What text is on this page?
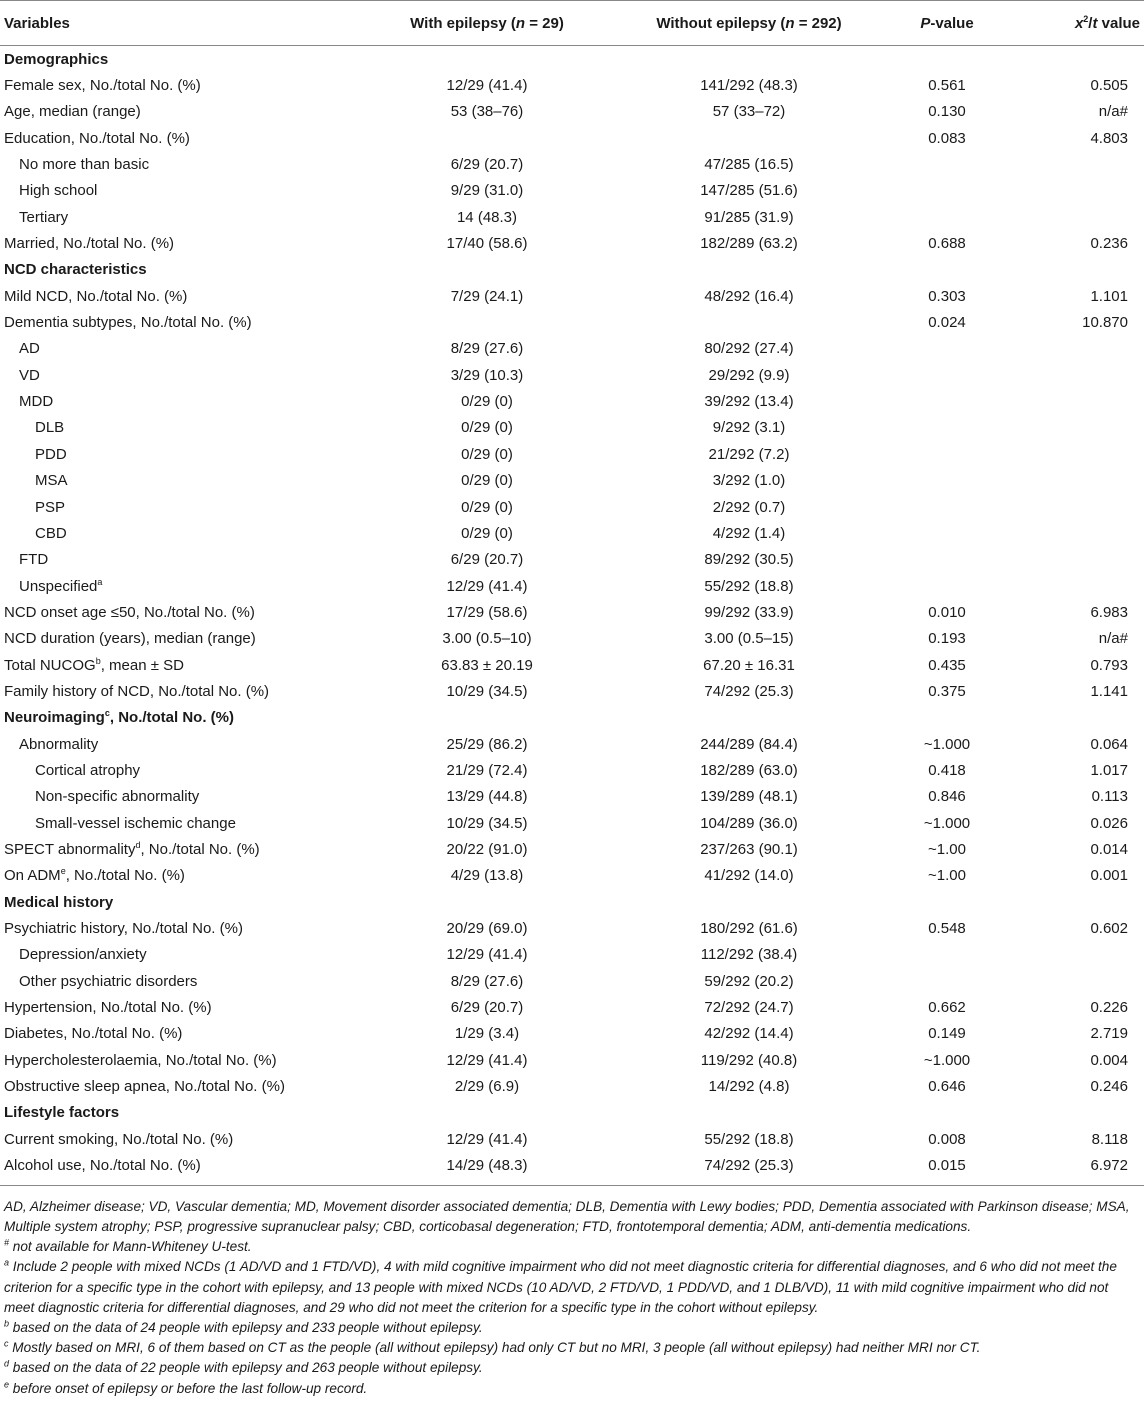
Variables	With epilepsy (n = 29)	Without epilepsy (n = 292)	P-value	$x^2/t$ value
Demographics				
Female sex, No./total No. (%)	12/29 (41.4)	141/292 (48.3)	0.561	0.505
Age, median (range)	53 (38–76)	57 (33–72)	0.130	n/a#
Education, No./total No. (%)			0.083	4.803
No more than basic	6/29 (20.7)	47/285 (16.5)		
High school	9/29 (31.0)	147/285 (51.6)		
Tertiary	14 (48.3)	91/285 (31.9)		
Married, No./total No. (%)	17/40 (58.6)	182/289 (63.2)	0.688	0.236
NCD characteristics				
Mild NCD, No./total No. (%)	7/29 (24.1)	48/292 (16.4)	0.303	1.101
Dementia subtypes, No./total No. (%)			0.024	10.870
AD	8/29 (27.6)	80/292 (27.4)		
VD	3/29 (10.3)	29/292 (9.9)		
MDD	0/29 (0)	39/292 (13.4)		
DLB	0/29 (0)	9/292 (3.1)		
PDD	0/29 (0)	21/292 (7.2)		
MSA	0/29 (0)	3/292 (1.0)		
PSP	0/29 (0)	2/292 (0.7)		
CBD	0/29 (0)	4/292 (1.4)		
FTD	6/29 (20.7)	89/292 (30.5)		
Unspecified$^a$	12/29 (41.4)	55/292 (18.8)		
NCD onset age ≤50, No./total No. (%)	17/29 (58.6)	99/292 (33.9)	0.010	6.983
NCD duration (years), median (range)	3.00 (0.5–10)	3.00 (0.5–15)	0.193	n/a#
Total NUCOG$^b$, mean ± SD	63.83 ± 20.19	67.20 ± 16.31	0.435	0.793
Family history of NCD, No./total No. (%)	10/29 (34.5)	74/292 (25.3)	0.375	1.141
Neuroimaging$^c$, No./total No. (%)				
Abnormality	25/29 (86.2)	244/289 (84.4)	~1.000	0.064
Cortical atrophy	21/29 (72.4)	182/289 (63.0)	0.418	1.017
Non-specific abnormality	13/29 (44.8)	139/289 (48.1)	0.846	0.113
Small-vessel ischemic change	10/29 (34.5)	104/289 (36.0)	~1.000	0.026
SPECT abnormality$^d$, No./total No. (%)	20/22 (91.0)	237/263 (90.1)	~1.00	0.014
On ADM$^e$, No./total No. (%)	4/29 (13.8)	41/292 (14.0)	~1.00	0.001
Medical history				
Psychiatric history, No./total No. (%)	20/29 (69.0)	180/292 (61.6)	0.548	0.602
Depression/anxiety	12/29 (41.4)	112/292 (38.4)		
Other psychiatric disorders	8/29 (27.6)	59/292 (20.2)		
Hypertension, No./total No. (%)	6/29 (20.7)	72/292 (24.7)	0.662	0.226
Diabetes, No./total No. (%)	1/29 (3.4)	42/292 (14.4)	0.149	2.719
Hypercholesterolaemia, No./total No. (%)	12/29 (41.4)	119/292 (40.8)	~1.000	0.004
Obstructive sleep apnea, No./total No. (%)	2/29 (6.9)	14/292 (4.8)	0.646	0.246
Lifestyle factors				
Current smoking, No./total No. (%)	12/29 (41.4)	55/292 (18.8)	0.008	8.118
Alcohol use, No./total No. (%)	14/29 (48.3)	74/292 (25.3)	0.015	6.972

AD, Alzheimer disease; VD, Vascular dementia; MD, Movement disorder associated dementia; DLB, Dementia with Lewy bodies; PDD, Dementia associated with Parkinson disease; MSA, Multiple system atrophy; PSP, progressive supranuclear palsy; CBD, corticobasal degeneration; FTD, frontotemporal dementia; ADM, anti-dementia medications.

# not available for Mann-Whiteney U-test.

$^a$ Include 2 people with mixed NCDs (1 AD/VD and 1 FTD/VD), 4 with mild cognitive impairment who did not meet diagnostic criteria for differential diagnoses, and 6 who did not meet the criterion for a specific type in the cohort with epilepsy, and 13 people with mixed NCDs (10 AD/VD, 2 FTD/VD, 1 PDD/VD, and 1 DLB/VD), 11 with mild cognitive impairment who did not meet diagnostic criteria for differential diagnoses, and 29 who did not meet the criterion for a specific type in the cohort without epilepsy.

$^b$ based on the data of 24 people with epilepsy and 233 people without epilepsy.

$^c$ Mostly based on MRI, 6 of them based on CT as the people (all without epilepsy) had only CT but no MRI, 3 people (all without epilepsy) had neither MRI nor CT.

$^d$ based on the data of 22 people with epilepsy and 263 people without epilepsy.

$^e$ before onset of epilepsy or before the last follow-up record.
